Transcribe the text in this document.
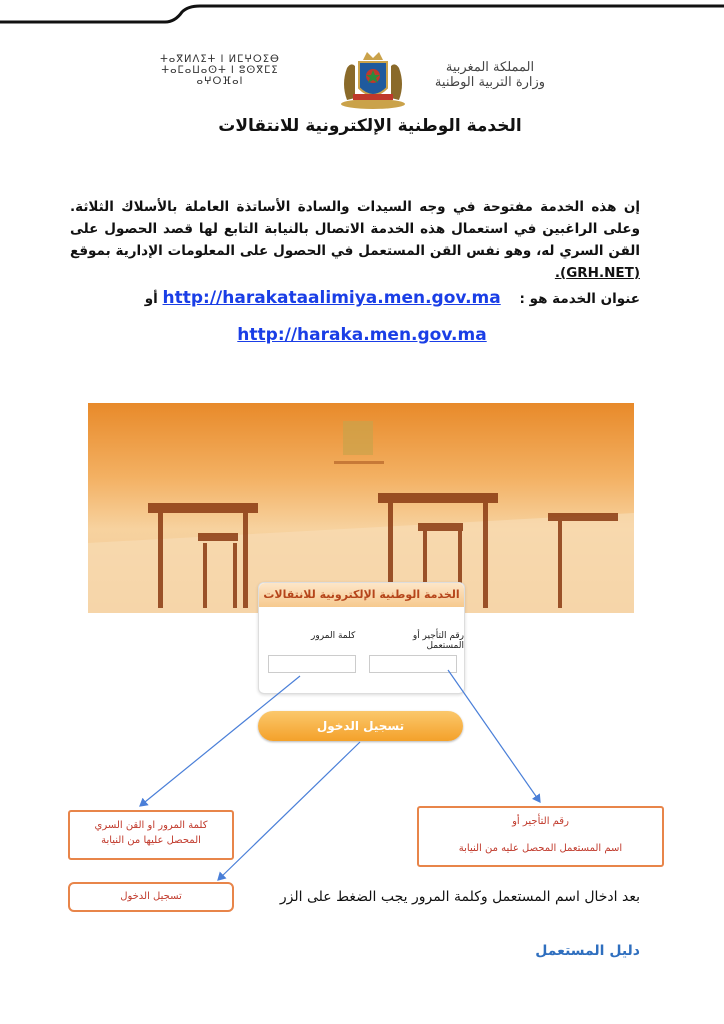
ⵜⴰⴳⵍⴷⵉⵜ ⵏ ⵍⵎⵖⵔⵉⴱ
ⵜⴰⵎⴰⵡⴰⵙⵜ ⵏ ⵓⵙⴳⵎⵉ
ⴰⵖⵔⴼⴰⵏ
المملكة المغربية
وزارة التربية الوطنية
الخدمة الوطنية الإلكترونية للانتقالات
إن هذه الخدمة مفتوحة في وجه السيدات والسادة الأساتذة العاملة بالأسلاك الثلاثة. وعلى الراغبين في استعمال هذه الخدمة الاتصال بالنيابة التابع لها قصد الحصول على القن السري له، وهو نفس القن المستعمل في الحصول على المعلومات الإدارية بموقع (GRH.NET).
عنوان الخدمة هو :    http://harakataalimiya.men.gov.ma أو
http://haraka.men.gov.ma
الخدمة الوطنية الإلكترونية للانتقالات
رقم التأجير أو المستعمل
كلمة المرور
تسجيل الدخول
كلمة المرور او القن السري
المحصل عليها من النيابة
رقم التأجير أو
اسم المستعمل المحصل عليه من النيابة
تسجيل الدخول	بعد ادخال اسم المستعمل وكلمة المرور يجب الضغط على الزر
دليل المستعمل
